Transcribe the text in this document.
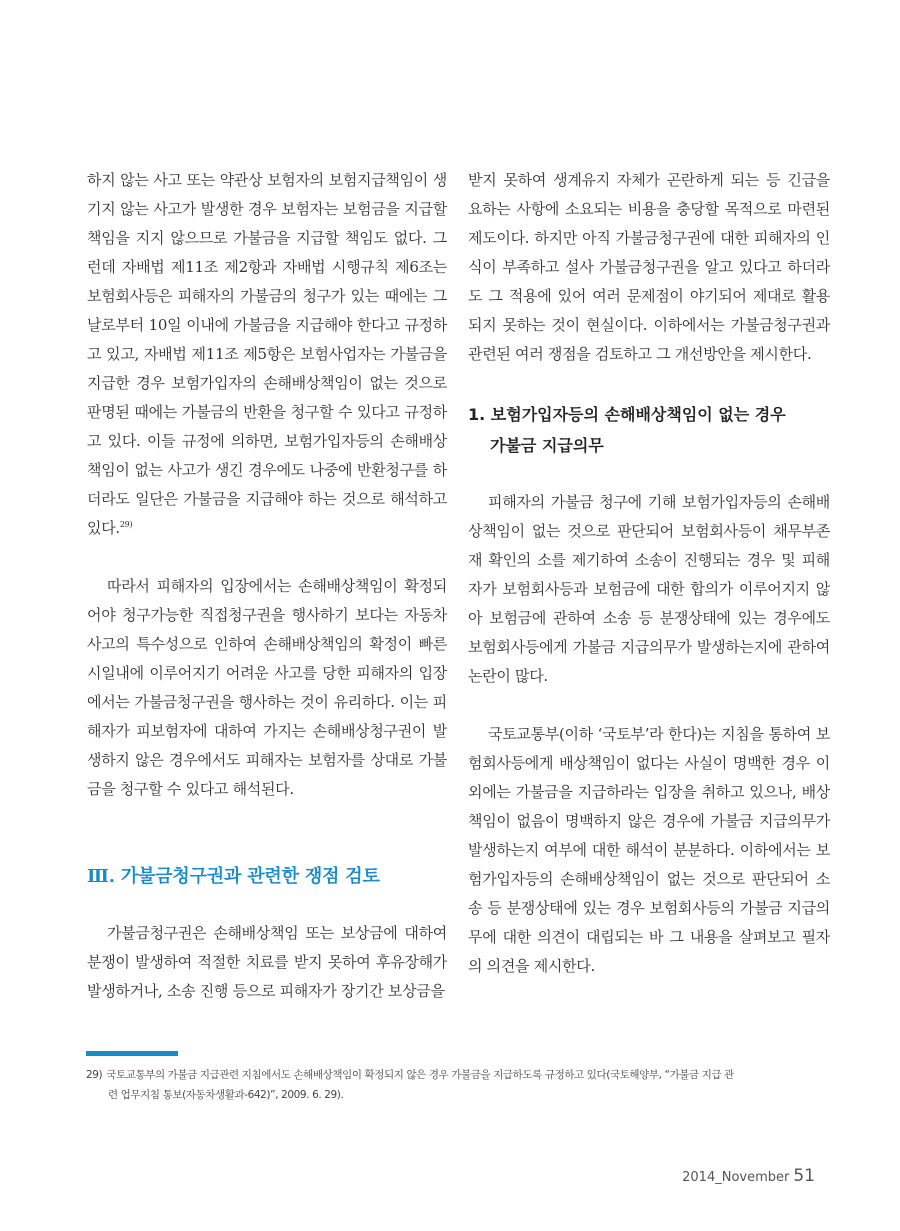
하지 않는 사고 또는 약관상 보험자의 보험지급책임이 생기지 않는 사고가 발생한 경우 보험자는 보험금을 지급할 책임을 지지 않으므로 가불금을 지급할 책임도 없다. 그런데 자배법 제11조 제2항과 자배법 시행규칙 제6조는 보험회사등은 피해자의 가불금의 청구가 있는 때에는 그 날로부터 10일 이내에 가불금을 지급해야 한다고 규정하고 있고, 자배법 제11조 제5항은 보험사업자는 가불금을 지급한 경우 보험가입자의 손해배상책임이 없는 것으로 판명된 때에는 가불금의 반환을 청구할 수 있다고 규정하고 있다. 이들 규정에 의하면, 보험가입자등의 손해배상책임이 없는 사고가 생긴 경우에도 나중에 반환청구를 하더라도 일단은 가불금을 지급해야 하는 것으로 해석하고 있다.$^{29)}$

따라서 피해자의 입장에서는 손해배상책임이 확정되어야 청구가능한 직접청구권을 행사하기 보다는 자동차사고의 특수성으로 인하여 손해배상책임의 확정이 빠른 시일내에 이루어지기 어려운 사고를 당한 피해자의 입장에서는 가불금청구권을 행사하는 것이 유리하다. 이는 피해자가 피보험자에 대하여 가지는 손해배상청구권이 발생하지 않은 경우에서도 피해자는 보험자를 상대로 가불금을 청구할 수 있다고 해석된다.

Ⅲ. 가불금청구권과 관련한 쟁점 검토

가불금청구권은 손해배상책임 또는 보상금에 대하여 분쟁이 발생하여 적절한 치료를 받지 못하여 후유장해가 발생하거나, 소송 진행 등으로 피해자가 장기간 보상금을

받지 못하여 생계유지 자체가 곤란하게 되는 등 긴급을 요하는 사항에 소요되는 비용을 충당할 목적으로 마련된 제도이다. 하지만 아직 가불금청구권에 대한 피해자의 인식이 부족하고 설사 가불금청구권을 알고 있다고 하더라도 그 적용에 있어 여러 문제점이 야기되어 제대로 활용되지 못하는 것이 현실이다. 이하에서는 가불금청구권과 관련된 여러 쟁점을 검토하고 그 개선방안을 제시한다.

1. 보험가입자등의 손해배상책임이 없는 경우
가불금 지급의무

피해자의 가불금 청구에 기해 보험가입자등의 손해배상책임이 없는 것으로 판단되어 보험회사등이 채무부존재 확인의 소를 제기하여 소송이 진행되는 경우 및 피해자가 보험회사등과 보험금에 대한 합의가 이루어지지 않아 보험금에 관하여 소송 등 분쟁상태에 있는 경우에도 보험회사등에게 가불금 지급의무가 발생하는지에 관하여 논란이 많다.

국토교통부(이하 ‘국토부’라 한다)는 지침을 통하여 보험회사등에게 배상책임이 없다는 사실이 명백한 경우 이외에는 가불금을 지급하라는 입장을 취하고 있으나, 배상책임이 없음이 명백하지 않은 경우에 가불금 지급의무가 발생하는지 여부에 대한 해석이 분분하다. 이하에서는 보험가입자등의 손해배상책임이 없는 것으로 판단되어 소송 등 분쟁상태에 있는 경우 보험회사등의 가불금 지급의무에 대한 의견이 대립되는 바 그 내용을 살펴보고 필자의 의견을 제시한다.

29) 국토교통부의 가불금 지급관련 지침에서도 손해배상책임이 확정되지 않은 경우 가불금을 지급하도록 규정하고 있다(국토해양부, “가불금 지급 관
련 업무지침 통보(자동차생활과-642)”, 2009. 6. 29).
2014_November 51
